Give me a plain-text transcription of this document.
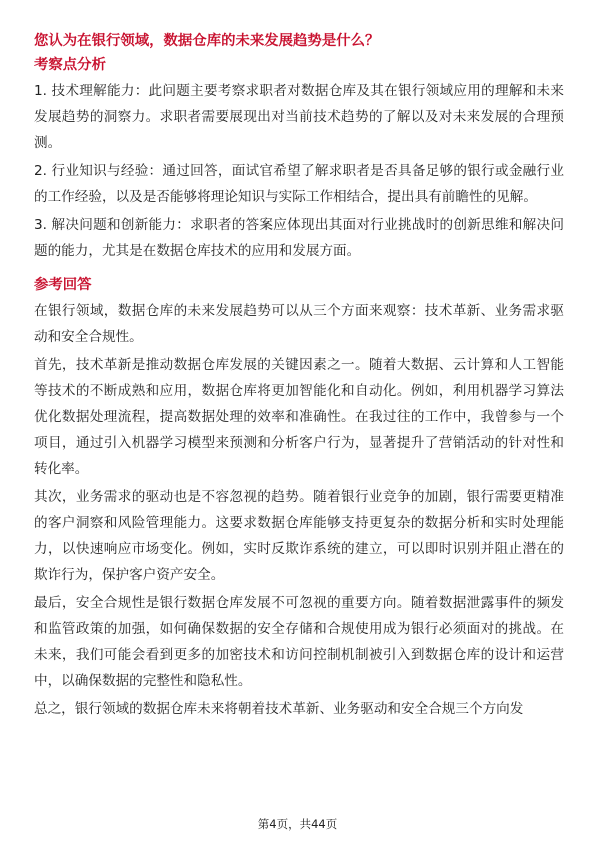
您认为在银行领域，数据仓库的未来发展趋势是什么？
考察点分析

1. 技术理解能力：此问题主要考察求职者对数据仓库及其在银行领域应用的理解和未来发展趋势的洞察力。求职者需要展现出对当前技术趋势的了解以及对未来发展的合理预测。

2. 行业知识与经验：通过回答，面试官希望了解求职者是否具备足够的银行或金融行业的工作经验，以及是否能够将理论知识与实际工作相结合，提出具有前瞻性的见解。

3. 解决问题和创新能力：求职者的答案应体现出其面对行业挑战时的创新思维和解决问题的能力，尤其是在数据仓库技术的应用和发展方面。

参考回答

在银行领域，数据仓库的未来发展趋势可以从三个方面来观察：技术革新、业务需求驱动和安全合规性。

首先，技术革新是推动数据仓库发展的关键因素之一。随着大数据、云计算和人工智能等技术的不断成熟和应用，数据仓库将更加智能化和自动化。例如，利用机器学习算法优化数据处理流程，提高数据处理的效率和准确性。在我过往的工作中，我曾参与一个项目，通过引入机器学习模型来预测和分析客户行为，显著提升了营销活动的针对性和转化率。

其次，业务需求的驱动也是不容忽视的趋势。随着银行业竞争的加剧，银行需要更精准的客户洞察和风险管理能力。这要求数据仓库能够支持更复杂的数据分析和实时处理能力，以快速响应市场变化。例如，实时反欺诈系统的建立，可以即时识别并阻止潜在的欺诈行为，保护客户资产安全。

最后，安全合规性是银行数据仓库发展不可忽视的重要方向。随着数据泄露事件的频发和监管政策的加强，如何确保数据的安全存储和合规使用成为银行必须面对的挑战。在未来，我们可能会看到更多的加密技术和访问控制机制被引入到数据仓库的设计和运营中，以确保数据的完整性和隐私性。

总之，银行领域的数据仓库未来将朝着技术革新、业务驱动和安全合规三个方向发

第4页，共44页
